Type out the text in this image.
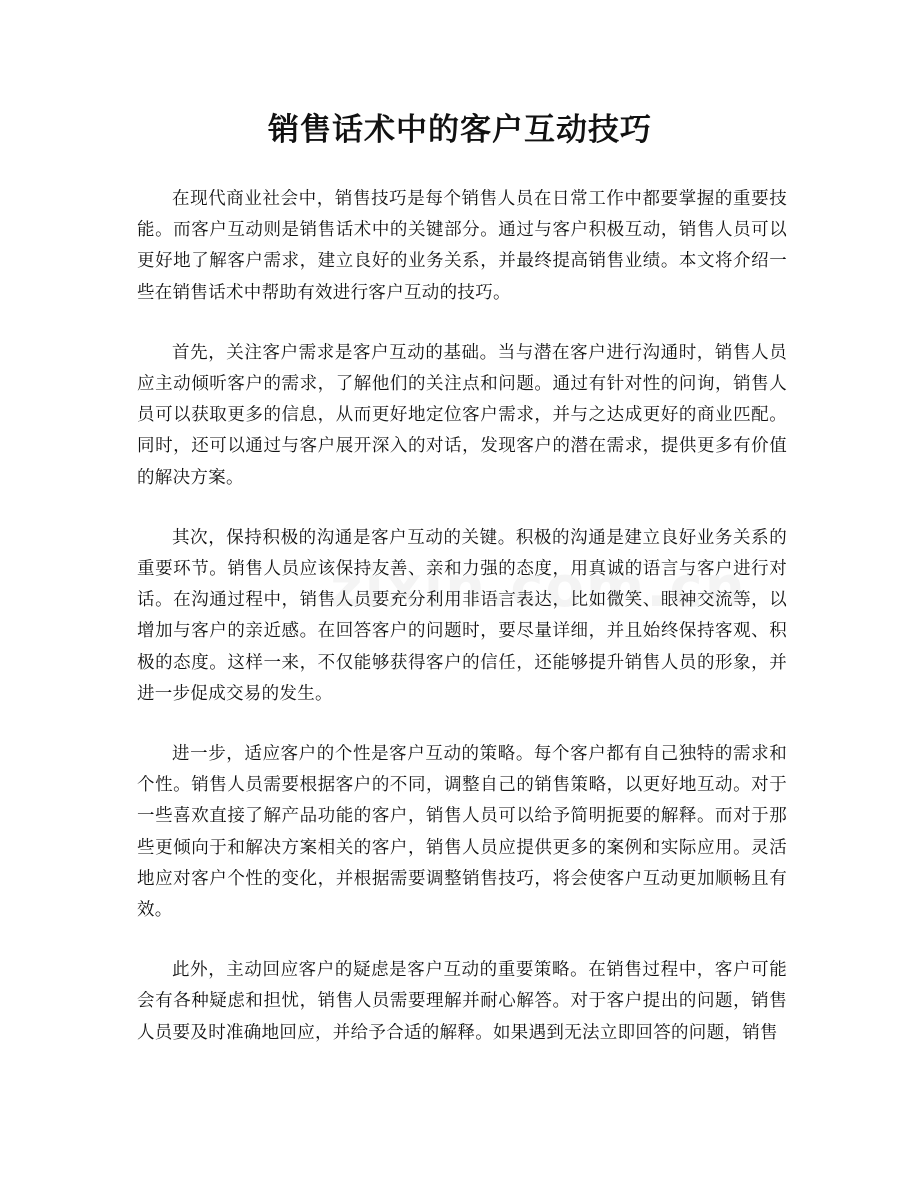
销售话术中的客户互动技巧

在现代商业社会中，销售技巧是每个销售人员在日常工作中都要掌握的重要技能。而客户互动则是销售话术中的关键部分。通过与客户积极互动，销售人员可以更好地了解客户需求，建立良好的业务关系，并最终提高销售业绩。本文将介绍一些在销售话术中帮助有效进行客户互动的技巧。

首先，关注客户需求是客户互动的基础。当与潜在客户进行沟通时，销售人员应主动倾听客户的需求，了解他们的关注点和问题。通过有针对性的问询，销售人员可以获取更多的信息，从而更好地定位客户需求，并与之达成更好的商业匹配。同时，还可以通过与客户展开深入的对话，发现客户的潜在需求，提供更多有价值的解决方案。

其次，保持积极的沟通是客户互动的关键。积极的沟通是建立良好业务关系的重要环节。销售人员应该保持友善、亲和力强的态度，用真诚的语言与客户进行对话。在沟通过程中，销售人员要充分利用非语言表达，比如微笑、眼神交流等，以增加与客户的亲近感。在回答客户的问题时，要尽量详细，并且始终保持客观、积极的态度。这样一来，不仅能够获得客户的信任，还能够提升销售人员的形象，并进一步促成交易的发生。

进一步，适应客户的个性是客户互动的策略。每个客户都有自己独特的需求和个性。销售人员需要根据客户的不同，调整自己的销售策略，以更好地互动。对于一些喜欢直接了解产品功能的客户，销售人员可以给予简明扼要的解释。而对于那些更倾向于和解决方案相关的客户，销售人员应提供更多的案例和实际应用。灵活地应对客户个性的变化，并根据需要调整销售技巧，将会使客户互动更加顺畅且有效。

此外，主动回应客户的疑虑是客户互动的重要策略。在销售过程中，客户可能会有各种疑虑和担忧，销售人员需要理解并耐心解答。对于客户提出的问题，销售人员要及时准确地回应，并给予合适的解释。如果遇到无法立即回答的问题，销售
